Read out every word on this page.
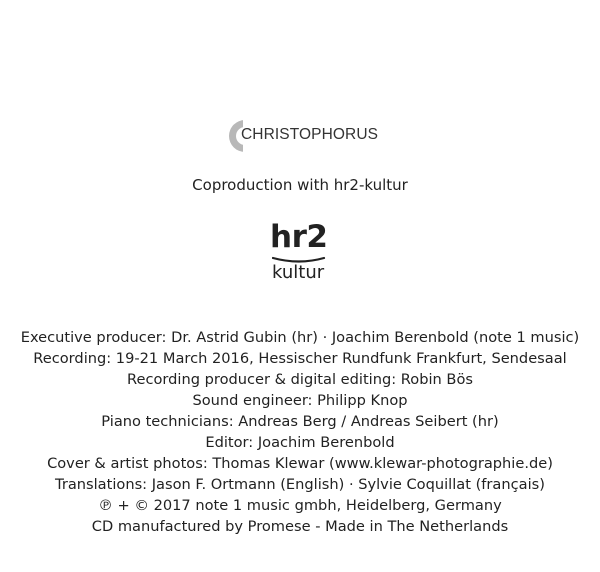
CHRISTOPHORUS
Coproduction with hr2-kultur
hr2
kultur
Executive producer: Dr. Astrid Gubin (hr) · Joachim Berenbold (note 1 music)
Recording: 19-21 March 2016, Hessischer Rundfunk Frankfurt, Sendesaal
Recording producer & digital editing: Robin Bös
Sound engineer: Philipp Knop
Piano technicians: Andreas Berg / Andreas Seibert (hr)
Editor: Joachim Berenbold
Cover & artist photos: Thomas Klewar (www.klewar-photographie.de)
Translations: Jason F. Ortmann (English) · Sylvie Coquillat (français)
℗ + © 2017 note 1 music gmbh, Heidelberg, Germany
CD manufactured by Promese - Made in The Netherlands
